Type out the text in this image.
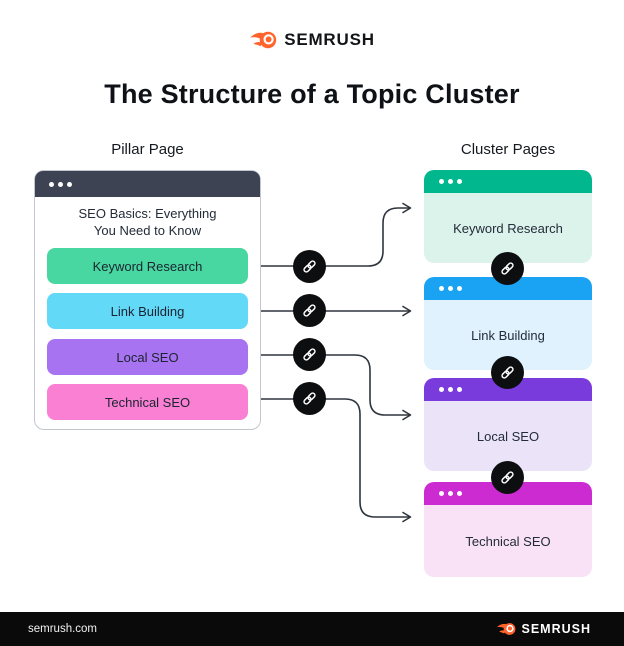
SEMRUSH
The Structure of a Topic Cluster
Pillar Page	Cluster Pages
SEO Basics: Everything
You Need to Know
Keyword Research
Link Building
Local SEO
Technical SEO
Keyword Research
Link Building
Local SEO
Technical SEO
semrush.com	SEMRUSH
